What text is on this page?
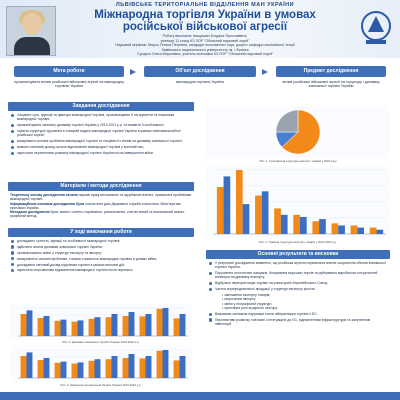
ЛЬВІВСЬКЕ ТЕРИТОРІАЛЬНЕ ВІДДІЛЕННЯ МАН УКРАЇНИ
Міжнародна торгівля України в умовах
російської військової агресії
Роботу виконала: Іващишин Богдана Ярославівна,
учениця 11 класу КЗ ЛОР "Обласний науковий ліцей"
Науковий керівник: Мороз Тетяна Петрівна, кандидат економічних наук, доцент кафедри економічної теорії
Львівського національного університету ім. І.Франка
Сухарко Ольга Миронівна, учитель економіки КЗ ЛОР "Обласний науковий ліцей"
Мета роботи
проаналізувати вплив російської військової агресії на міжнародну торгівлю України
Об'єкт дослідження
міжнародна торгівля України
Предмет дослідження
вплив російської військової агресії на структуру і динаміку зовнішньої торгівлі України
Завдання дослідження
з'ясувати суть, функції та фактори міжнародної торгівлі, проаналізувати її інструменти та показники міжнародної торгівлі;
проаналізувати загальну динаміку торгівлі України у 2013-2021 р.р. та виявити її особливості;
оцінити структурні зрушення в товарній моделі міжнародної торгівлі України в умовах повномасштабної російської агресії;
виокремити основні проблеми міжнародної торгівлі та з'ясувати їх вплив на динаміку зовнішньої торгівлі;
вивчити світовий досвід, шляхи відновлення міжнародної торгівлі у воєнний час;
окреслити перспективи розвитку міжнародної торгівлі України після завершення війни.
Матеріали і методи дослідження
Теоретичну основу дослідження склали наукові праці вітчизняних та зарубіжних вчених, присвячені проблемам міжнародної торгівлі.
Інформаційною основою дослідження були статистичні дані Державної служби статистики, Міністерства економіки України.
Методами дослідження були: аналіз і синтез, порівняння, узагальнення, статистичний та економічний аналіз, графічний метод.
У ході виконання роботи
досліджено сутність, функції та особливості міжнародної торгівлі;
здійснено аналіз динаміки зовнішньої торгівлі України;
проаналізовано зміни у структурі експорту та імпорту;
виокремлено основні проблеми, з якими стикається міжнародна торгівля в умовах війни;
досліджено світовий досвід підтримки торгівлі в умовах воєнних дій;
окреслено перспективи відновлення міжнародної торгівлі після перемоги.
Рис. 3. Динаміка зовнішньої торгівлі України 2013-2022 р.р.
Рис. 4. Зовнішньоторговельний баланс України 2013-2022 р.р.
Рис. 1. Географічна структура експорту товарів у 2022 році
Рис. 2. Товарна структура експорту товарів у 2021-2022 р.р.
Основні результати та висновки
У результаті дослідження виявлено, що російська агресія спричинила значне скорочення обсягів зовнішньої торгівлі України.
Порушення логістичних ланцюгів, блокування морських портів та руйнування виробничих потужностей вплинули на динаміку експорту.
Відбулася переорієнтація торгівлі на ринки країн Європейського Союзу.
Частка агропродовольчої продукції у структурі експорту зросла.
• зменшення експорту товарів;
• скорочення імпорту;
• зміни у географічній структурі;
• зростання ролі аграрного сектору.
Важливим чинником підтримки стала лібералізація торгівлі з ЄС.
Перспективи розвитку пов'язані з інтеграцією до ЄС, відновленням інфраструктури та залученням інвестицій.
